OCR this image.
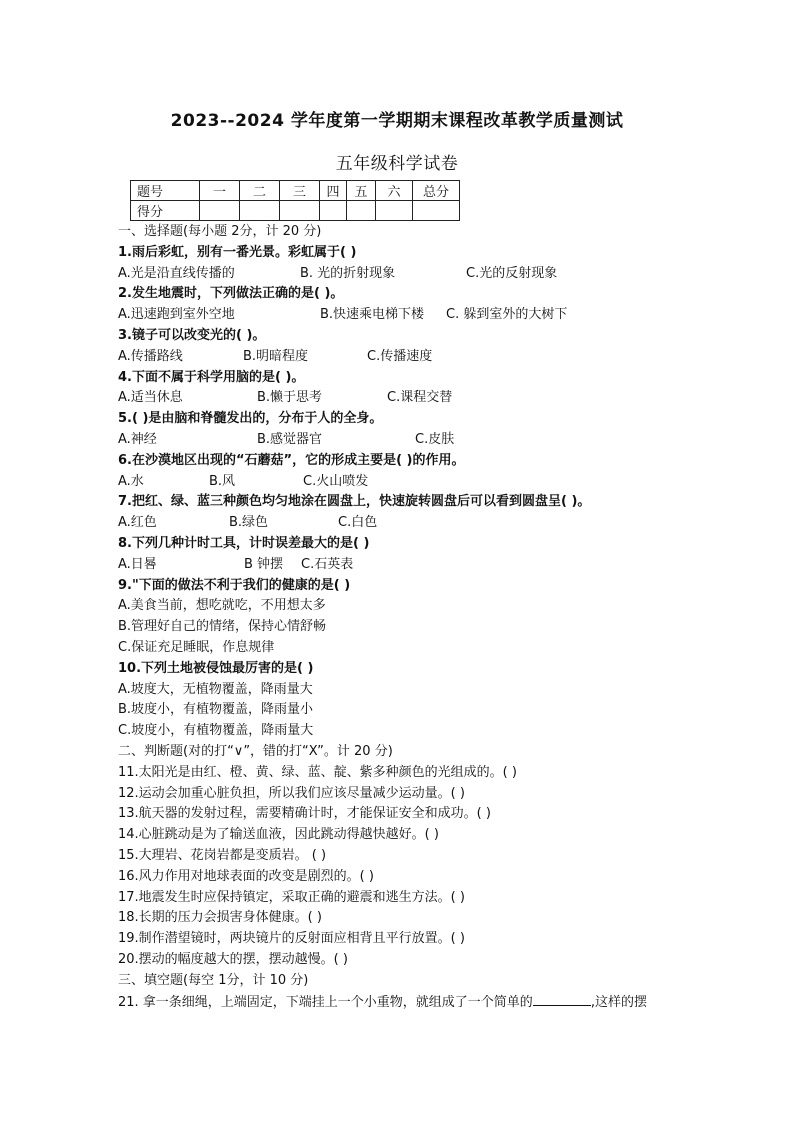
2023--2024 学年度第一学期期末课程改革教学质量测试
五年级科学试卷
题号	一	二	三	四	五	六	总分
得分							
一、选择题(每小题 2分，计 20 分)
1.雨后彩虹，别有一番光景。彩虹属于( )
A.光是沿直线传播的	B. 光的折射现象	C.光的反射现象
2.发生地震时，下列做法正确的是( )。
A.迅速跑到室外空地	B.快速乘电梯下楼	C. 躲到室外的大树下
3.镜子可以改变光的( )。
A.传播路线	B.明暗程度	C.传播速度
4.下面不属于科学用脑的是( )。
A.适当休息	B.懒于思考	C.课程交替
5.( )是由脑和脊髓发出的，分布于人的全身。
A.神经	B.感觉器官	C.皮肤
6.在沙漠地区出现的“石蘑菇”，它的形成主要是( )的作用。
A.水	B.风	C.火山喷发
7.把红、绿、蓝三种颜色均匀地涂在圆盘上，快速旋转圆盘后可以看到圆盘呈( )。
A.红色	B.绿色	C.白色
8.下列几种计时工具，计时误差最大的是( )
A.日晷	B 钟摆	C.石英表
9."下面的做法不利于我们的健康的是( )
A.美食当前，想吃就吃，不用想太多
B.管理好自己的情绪，保持心情舒畅
C.保证充足睡眠，作息规律
10.下列土地被侵蚀最厉害的是( )
A.坡度大，无植物覆盖，降雨量大
B.坡度小，有植物覆盖，降雨量小
C.坡度小，有植物覆盖，降雨量大
二、判断题(对的打“∨”，错的打“X”。计 20 分)
11.太阳光是由红、橙、黄、绿、蓝、靛、紫多种颜色的光组成的。( )
12.运动会加重心脏负担，所以我们应该尽量减少运动量。( )
13.航天器的发射过程，需要精确计时，才能保证安全和成功。( )
14.心脏跳动是为了输送血液，因此跳动得越快越好。( )
15.大理岩、花岗岩都是变质岩。 ( )
16.风力作用对地球表面的改变是剧烈的。( )
17.地震发生时应保持镇定，采取正确的避震和逃生方法。( )
18.长期的压力会损害身体健康。( )
19.制作潜望镜时，两块镜片的反射面应相背且平行放置。( )
20.摆动的幅度越大的摆，摆动越慢。( )
三、填空题(每空 1分，计 10 分)
21. 拿一条细绳，上端固定，下端挂上一个小重物，就组成了一个简单的	,这样的摆
